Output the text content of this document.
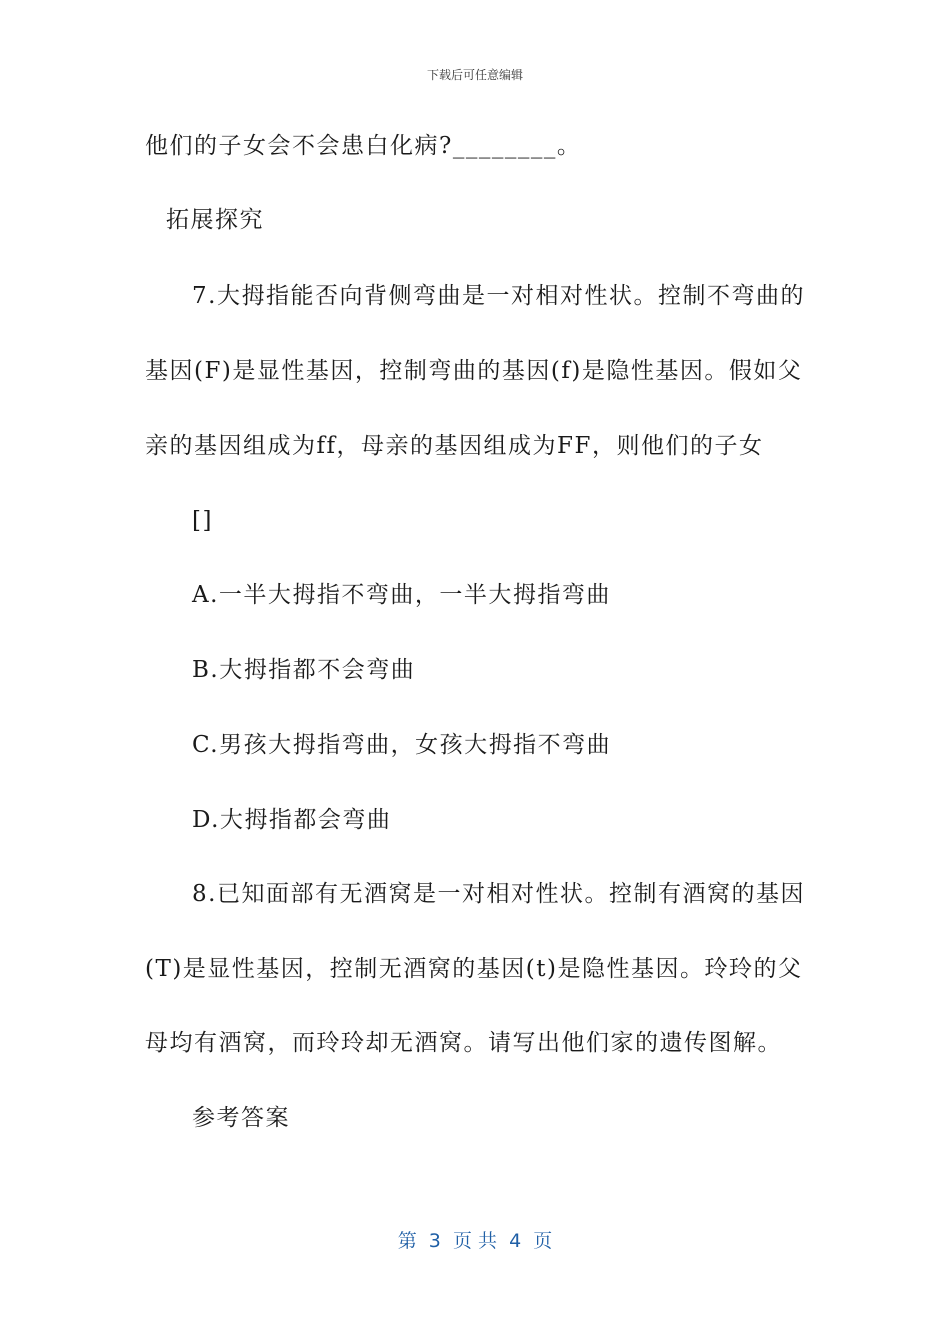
下载后可任意编辑
他们的子女会不会患白化病?________。
拓展探究
7.大拇指能否向背侧弯曲是一对相对性状。控制不弯曲的
基因(F)是显性基因，控制弯曲的基因(f)是隐性基因。假如父
亲的基因组成为ff，母亲的基因组成为FF，则他们的子女
[]
A.一半大拇指不弯曲，一半大拇指弯曲
B.大拇指都不会弯曲
C.男孩大拇指弯曲，女孩大拇指不弯曲
D.大拇指都会弯曲
8.已知面部有无酒窝是一对相对性状。控制有酒窝的基因
(T)是显性基因，控制无酒窝的基因(t)是隐性基因。玲玲的父
母均有酒窝，而玲玲却无酒窝。请写出他们家的遗传图解。
参考答案
第  3  页 共  4  页
